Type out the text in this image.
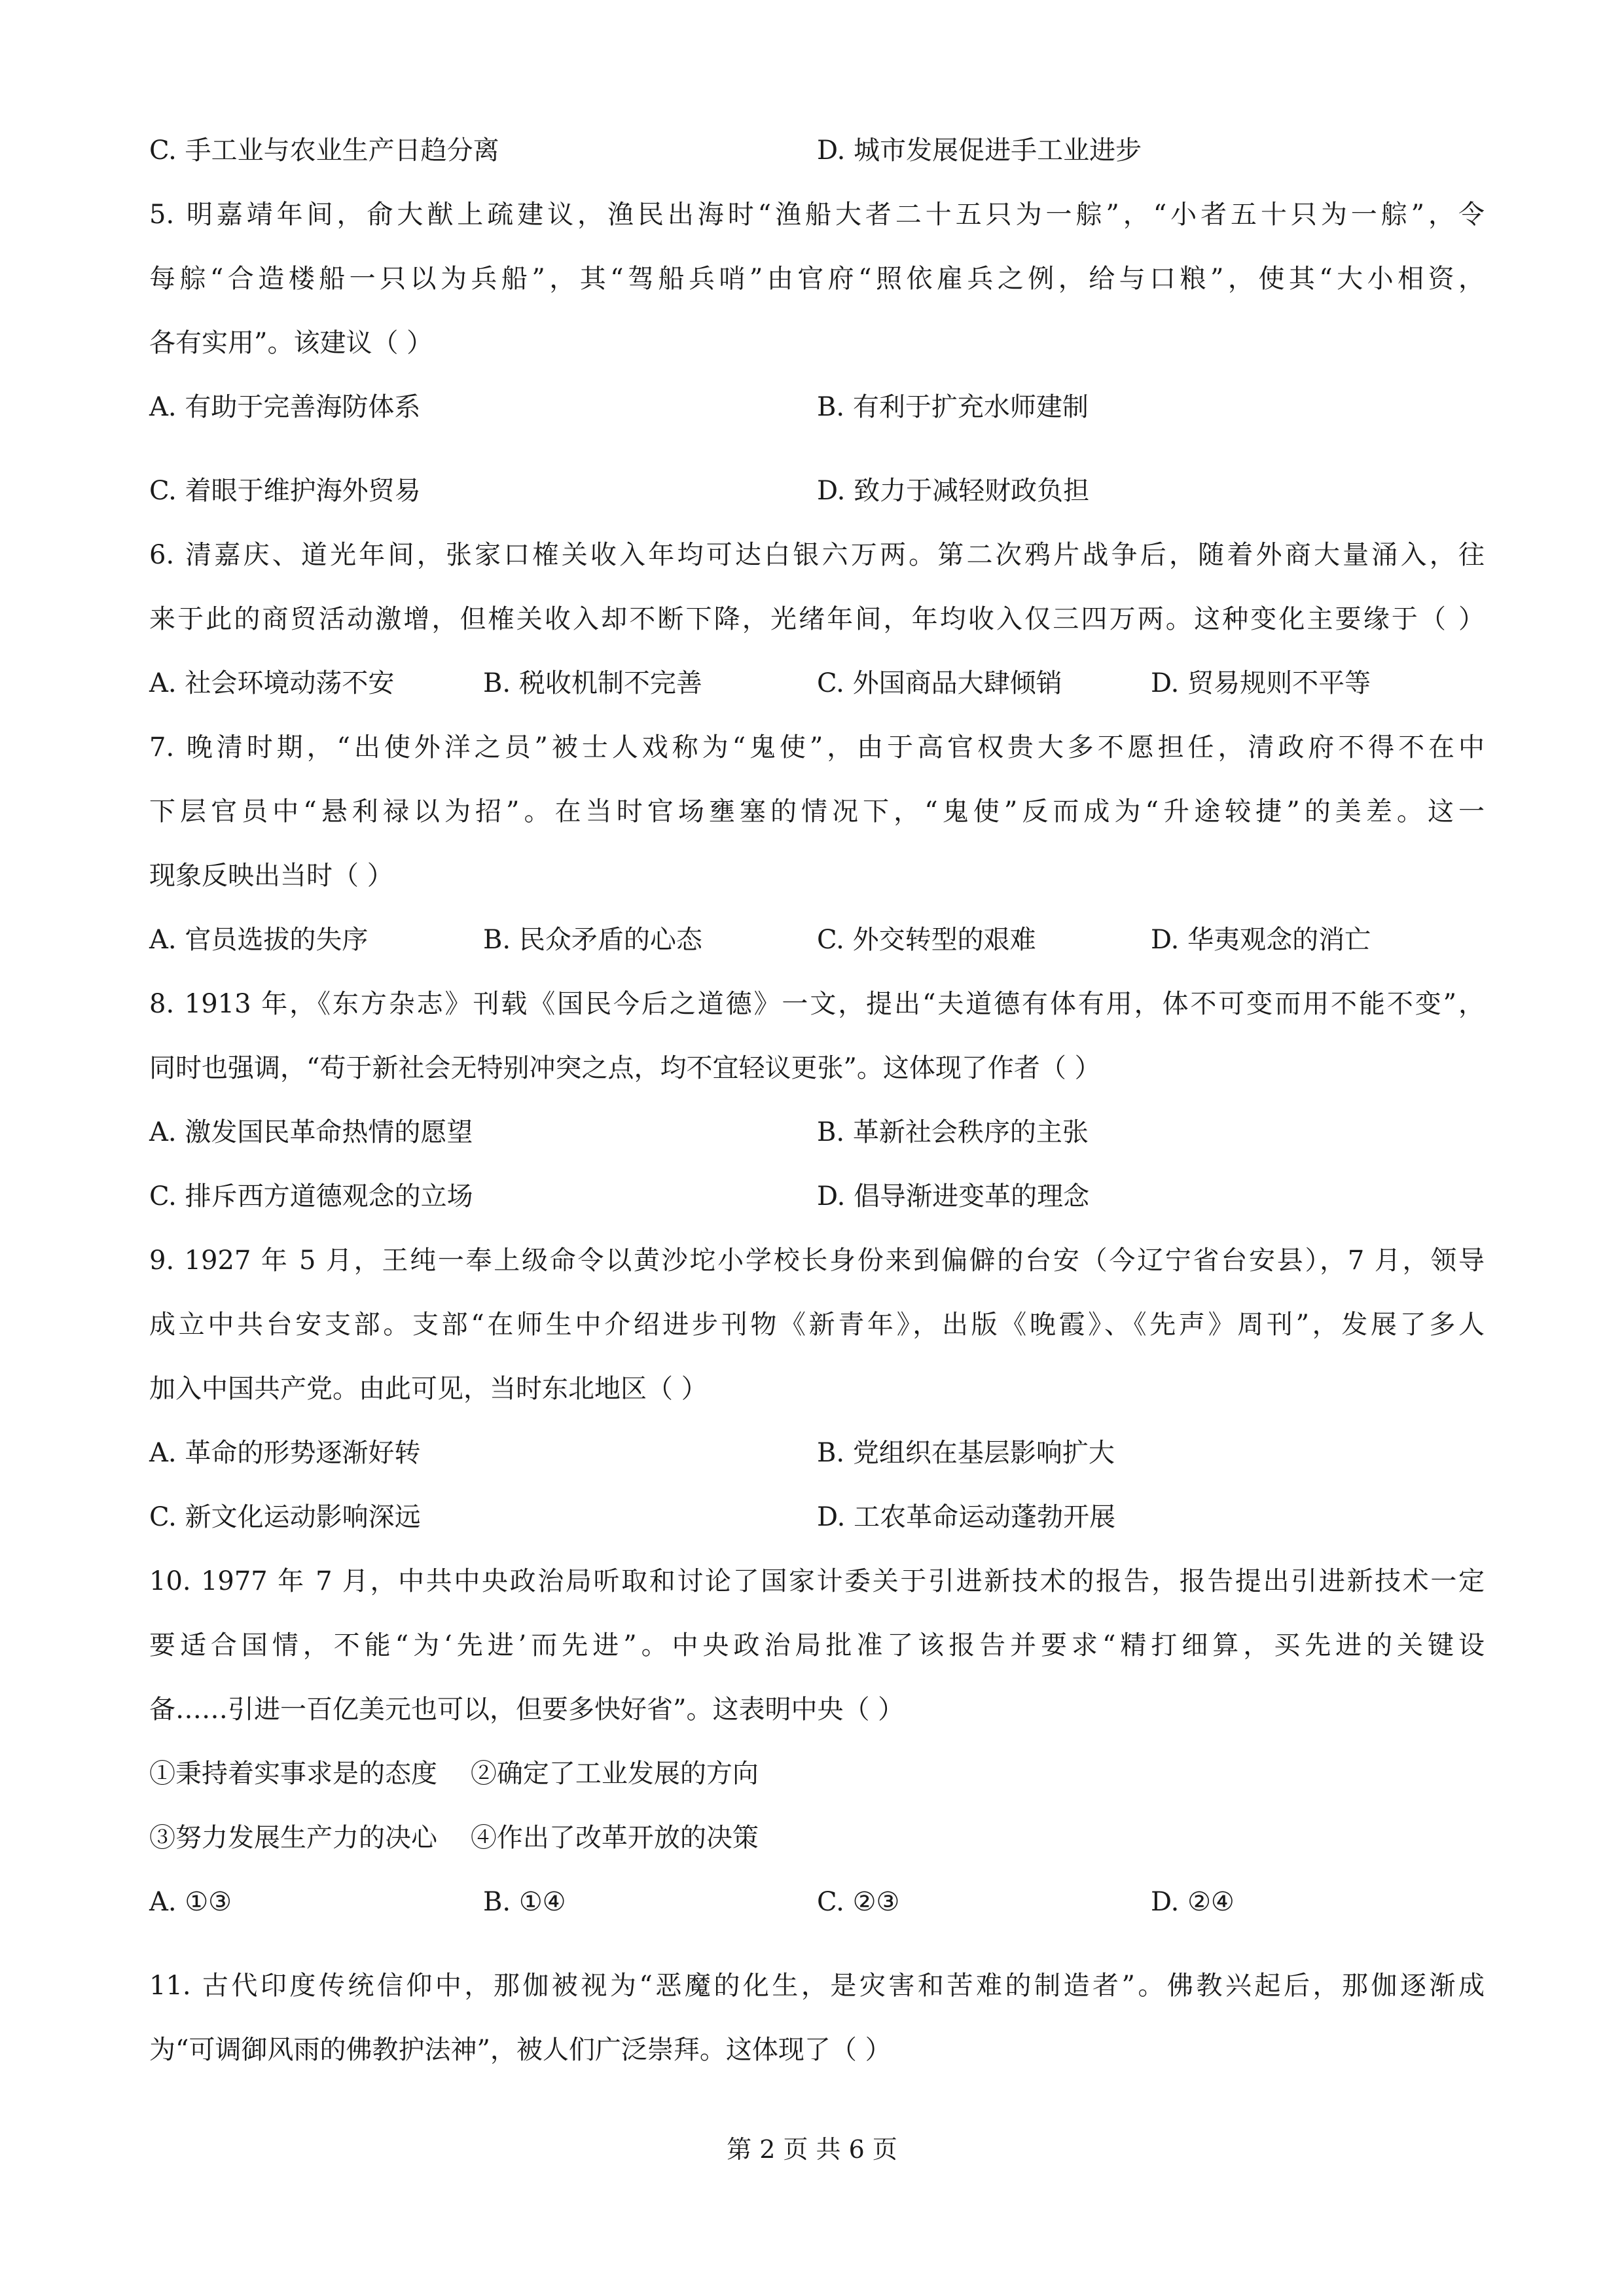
C. 手工业与农业生产日趋分离	D. 城市发展促进手工业进步
5. 明嘉靖年间，俞大猷上疏建议，渔民出海时“渔船大者二十五只为一䑸”，“小者五十只为一䑸”，令
每䑸“合造楼船一只以为兵船”，其“驾船兵哨”由官府“照依雇兵之例，给与口粮”，使其“大小相资，
各有实用”。该建议（ ）
A. 有助于完善海防体系	B. 有利于扩充水师建制
C. 着眼于维护海外贸易	D. 致力于减轻财政负担
6. 清嘉庆、道光年间，张家口榷关收入年均可达白银六万两。第二次鸦片战争后，随着外商大量涌入，往
来于此的商贸活动激增，但榷关收入却不断下降，光绪年间，年均收入仅三四万两。这种变化主要缘于（ ）
A. 社会环境动荡不安	B. 税收机制不完善	C. 外国商品大肆倾销	D. 贸易规则不平等
7. 晚清时期，“出使外洋之员”被士人戏称为“鬼使”，由于高官权贵大多不愿担任，清政府不得不在中
下层官员中“悬利禄以为招”。在当时官场壅塞的情况下，“鬼使”反而成为“升途较捷”的美差。这一
现象反映出当时（ ）
A. 官员选拔的失序	B. 民众矛盾的心态	C. 外交转型的艰难	D. 华夷观念的消亡
8. 1913 年，《东方杂志》刊载《国民今后之道德》一文，提出“夫道德有体有用，体不可变而用不能不变”，
同时也强调，“苟于新社会无特别冲突之点，均不宜轻议更张”。这体现了作者（ ）
A. 激发国民革命热情的愿望	B. 革新社会秩序的主张
C. 排斥西方道德观念的立场	D. 倡导渐进变革的理念
9. 1927 年 5 月，王纯一奉上级命令以黄沙坨小学校长身份来到偏僻的台安（今辽宁省台安县），7 月，领导
成立中共台安支部。支部“在师生中介绍进步刊物《新青年》，出版《晚霞》、《先声》周刊”，发展了多人
加入中国共产党。由此可见，当时东北地区（ ）
A. 革命的形势逐渐好转	B. 党组织在基层影响扩大
C. 新文化运动影响深远	D. 工农革命运动蓬勃开展
10. 1977 年 7 月，中共中央政治局听取和讨论了国家计委关于引进新技术的报告，报告提出引进新技术一定
要适合国情，不能“为‘先进’而先进”。中央政治局批准了该报告并要求“精打细算，买先进的关键设
备……引进一百亿美元也可以，但要多快好省”。这表明中央（ ）
①秉持着实事求是的态度    ②确定了工业发展的方向
③努力发展生产力的决心    ④作出了改革开放的决策
A. ①③	B. ①④	C. ②③	D. ②④
11. 古代印度传统信仰中，那伽被视为“恶魔的化生，是灾害和苦难的制造者”。佛教兴起后，那伽逐渐成
为“可调御风雨的佛教护法神”，被人们广泛崇拜。这体现了（ ）
第 2 页 共 6 页
